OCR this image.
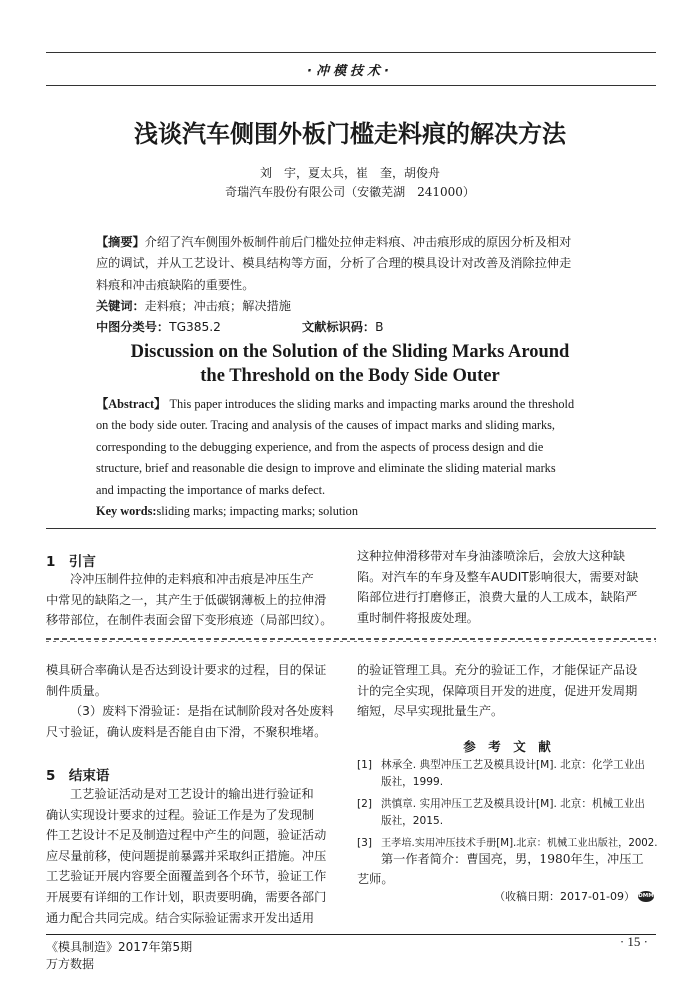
·冲模技术·
浅谈汽车侧围外板门槛走料痕的解决方法
刘　宇，夏太兵，崔　奎，胡俊舟
奇瑞汽车股份有限公司（安徽芜湖　241000）
【摘要】介绍了汽车侧围外板制件前后门槛处拉伸走料痕、冲击痕形成的原因分析及相对
应的调试，并从工艺设计、模具结构等方面，分析了合理的模具设计对改善及消除拉伸走
料痕和冲击痕缺陷的重要性。
关键词：走料痕；冲击痕；解决措施
中图分类号：TG385.2	文献标识码：B
Discussion on the Solution of the Sliding Marks Around
the Threshold on the Body Side Outer
【Abstract】 This paper introduces the sliding marks and impacting marks around the threshold
on the body side outer. Tracing and analysis of the causes of impact marks and sliding marks,
corresponding to the debugging experience, and from the aspects of process design and die
structure, brief and reasonable die design to improve and eliminate the sliding material marks
and impacting the importance of marks defect.
Key words:sliding marks; impacting marks; solution
1　引言
冷冲压制件拉伸的走料痕和冲击痕是冲压生产
中常见的缺陷之一，其产生于低碳钢薄板上的拉伸滑
移带部位，在制件表面会留下变形痕迹（局部凹纹）。
这种拉伸滑移带对车身油漆喷涂后，会放大这种缺
陷。对汽车的车身及整车AUDIT影响很大，需要对缺
陷部位进行打磨修正，浪费大量的人工成本，缺陷严
重时制件将报废处理。
模具研合率确认是否达到设计要求的过程，目的保证
制件质量。
（3）废料下滑验证：是指在试制阶段对各处废料
尺寸验证，确认废料是否能自由下滑，不聚积堆堵。
的验证管理工具。充分的验证工作，才能保证产品设
计的完全实现，保障项目开发的进度，促进开发周期
缩短，尽早实现批量生产。
5　结束语
工艺验证活动是对工艺设计的输出进行验证和
确认实现设计要求的过程。验证工作是为了发现制
件工艺设计不足及制造过程中产生的问题，验证活动
应尽量前移，使问题提前暴露并采取纠正措施。冲压
工艺验证开展内容要全面覆盖到各个环节，验证工作
开展要有详细的工作计划，职责要明确，需要各部门
通力配合共同完成。结合实际验证需求开发出适用
参　考　文　献
[1] 林承全. 典型冲压工艺及模具设计[M]. 北京：化学工业出
版社，1999.
[2] 洪慎章. 实用冲压工艺及模具设计[M]. 北京：机械工业出
版社，2015.
[3] 王孝培.实用冲压技术手册[M].北京：机械工业出版社，2002.
第一作者简介：曹国亮，男，1980年生，冲压工
艺师。
（收稿日期：2017-01-09） DMM
《模具制造》2017年第5期	· 15 ·
万方数据
